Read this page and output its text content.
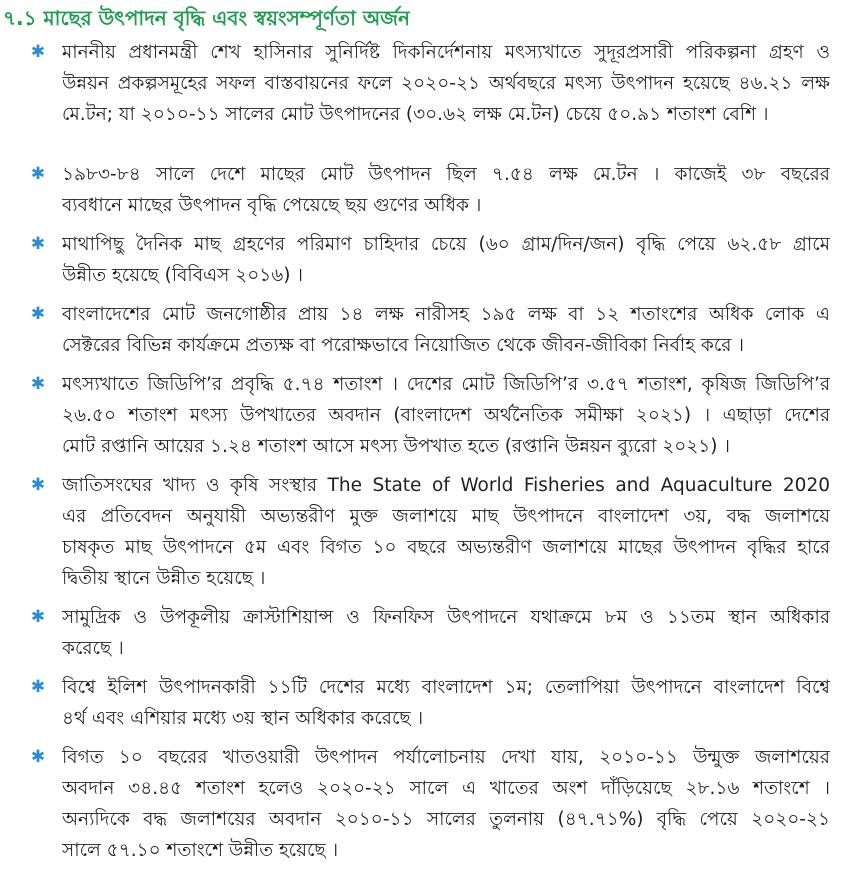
৭.১ মাছের উৎপাদন বৃদ্ধি এবং স্বয়ংসম্পূর্ণতা অর্জন
✱
মাননীয় প্রধানমন্ত্রী শেখ হাসিনার সুনির্দিষ্ট দিকনির্দেশনায় মৎস্যখাতে সুদূরপ্রসারী পরিকল্পনা গ্রহণ ও
উন্নয়ন প্রকল্পসমূহের সফল বাস্তবায়নের ফলে ২০২০-২১ অর্থবছরে মৎস্য উৎপাদন হয়েছে ৪৬.২১ লক্ষ
মে.টন; যা ২০১০-১১ সালের মোট উৎপাদনের (৩০.৬২ লক্ষ মে.টন) চেয়ে ৫০.৯১ শতাংশ বেশি ।
✱
১৯৮৩-৮৪ সালে দেশে মাছের মোট উৎপাদন ছিল ৭.৫৪ লক্ষ মে.টন । কাজেই ৩৮ বছরের
ব্যবধানে মাছের উৎপাদন বৃদ্ধি পেয়েছে ছয় গুণের অধিক ।
✱
মাথাপিছু দৈনিক মাছ গ্রহণের পরিমাণ চাহিদার চেয়ে (৬০ গ্রাম/দিন/জন) বৃদ্ধি পেয়ে ৬২.৫৮ গ্রামে
উন্নীত হয়েছে (বিবিএস ২০১৬) ।
✱
বাংলাদেশের মোট জনগোষ্ঠীর প্রায় ১৪ লক্ষ নারীসহ ১৯৫ লক্ষ বা ১২ শতাংশের অধিক লোক এ
সেক্টরের বিভিন্ন কার্যক্রমে প্রত্যক্ষ বা পরোক্ষভাবে নিয়োজিত থেকে জীবন-জীবিকা নির্বাহ করে ।
✱
মৎস্যখাতে জিডিপি’র প্রবৃদ্ধি ৫.৭৪ শতাংশ । দেশের মোট জিডিপি’র ৩.৫৭ শতাংশ, কৃষিজ জিডিপি’র
২৬.৫০ শতাংশ মৎস্য উপখাতের অবদান (বাংলাদেশ অর্থনৈতিক সমীক্ষা ২০২১) । এছাড়া দেশের
মোট রপ্তানি আয়ের ১.২৪ শতাংশ আসে মৎস্য উপখাত হতে (রপ্তানি উন্নয়ন ব্যুরো ২০২১) ।
✱
জাতিসংঘের খাদ্য ও কৃষি সংস্থার The State of World Fisheries and Aquaculture 2020
এর প্রতিবেদন অনুযায়ী অভ্যন্তরীণ মুক্ত জলাশয়ে মাছ উৎপাদনে বাংলাদেশ ৩য়, বদ্ধ জলাশয়ে
চাষকৃত মাছ উৎপাদনে ৫ম এবং বিগত ১০ বছরে অভ্যন্তরীণ জলাশয়ে মাছের উৎপাদন বৃদ্ধির হারে
দ্বিতীয় স্থানে উন্নীত হয়েছে ।
✱
সামুদ্রিক ও উপকূলীয় ক্রাস্টাশিয়ান্স ও ফিনফিস উৎপাদনে যথাক্রমে ৮ম ও ১১তম স্থান অধিকার
করেছে ।
✱
বিশ্বে ইলিশ উৎপাদনকারী ১১টি দেশের মধ্যে বাংলাদেশ ১ম; তেলাপিয়া উৎপাদনে বাংলাদেশ বিশ্বে
৪র্থ এবং এশিয়ার মধ্যে ৩য় স্থান অধিকার করেছে ।
✱
বিগত ১০ বছরের খাতওয়ারী উৎপাদন পর্যালোচনায় দেখা যায়, ২০১০-১১ উন্মুক্ত জলাশয়ের
অবদান ৩৪.৪৫ শতাংশ হলেও ২০২০-২১ সালে এ খাতের অংশ দাঁড়িয়েছে ২৮.১৬ শতাংশে ।
অন্যদিকে বদ্ধ জলাশয়ের অবদান ২০১০-১১ সালের তুলনায় (৪৭.৭১%) বৃদ্ধি পেয়ে ২০২০-২১
সালে ৫৭.১০ শতাংশে উন্নীত হয়েছে ।
